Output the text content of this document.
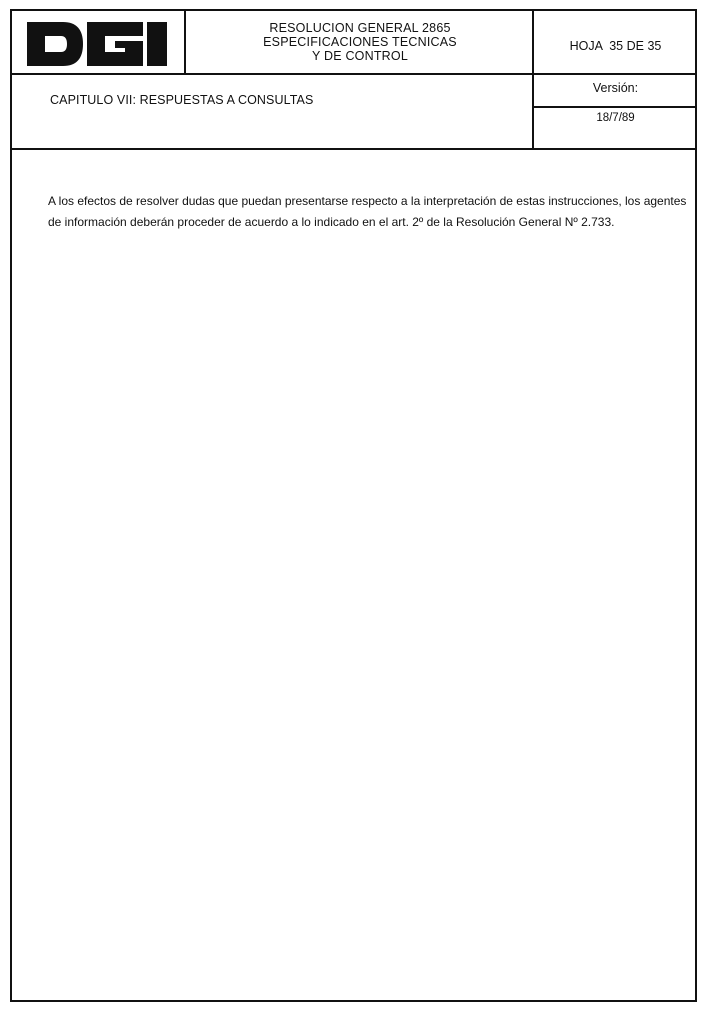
RESOLUCION GENERAL 2865
ESPECIFICACIONES TECNICAS
Y DE CONTROL
HOJA  35 DE 35
CAPITULO VII: RESPUESTAS A CONSULTAS
Versión:
18/7/89
A los efectos de resolver dudas que puedan presentarse respecto a la interpretación de estas instrucciones, los agentes de información deberán proceder de acuerdo a lo indicado en el art. 2º de la Resolución General Nº 2.733.
